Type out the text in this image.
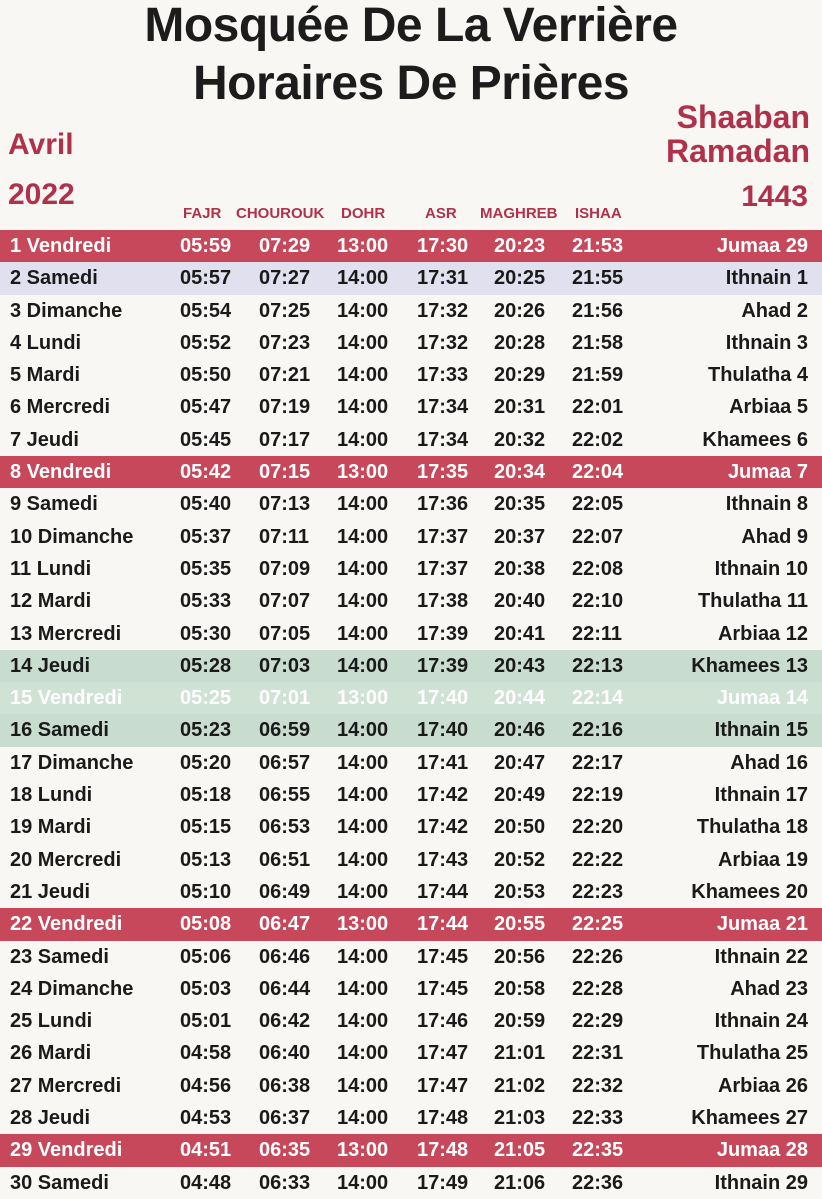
Mosquée De La Verrière
Horaires De Prières
Avril
2022
Shaaban
Ramadan
1443
FAJR CHOUROUK DOHR	ASR MAGHREB ISHAA
1 Vendredi	05:59 07:29 13:00 17:30 20:23 21:53	Jumaa 29
2 Samedi	05:57 07:27 14:00 17:31 20:25 21:55	Ithnain 1
3 Dimanche	05:54 07:25 14:00 17:32 20:26 21:56	Ahad 2
4 Lundi	05:52 07:23 14:00 17:32 20:28 21:58	Ithnain 3
5 Mardi	05:50 07:21 14:00 17:33 20:29 21:59	Thulatha 4
6 Mercredi	05:47 07:19 14:00 17:34 20:31 22:01	Arbiaa 5
7 Jeudi	05:45 07:17 14:00 17:34 20:32 22:02	Khamees 6
8 Vendredi	05:42 07:15 13:00 17:35 20:34 22:04	Jumaa 7
9 Samedi	05:40 07:13 14:00 17:36 20:35 22:05	Ithnain 8
10 Dimanche 05:37 07:11 14:00 17:37 20:37 22:07	Ahad 9
11 Lundi	05:35 07:09 14:00 17:37 20:38 22:08	Ithnain 10
12 Mardi	05:33 07:07 14:00 17:38 20:40 22:10	Thulatha 11
13 Mercredi	05:30 07:05 14:00 17:39 20:41 22:11	Arbiaa 12
14 Jeudi	05:28 07:03 14:00 17:39 20:43 22:13	Khamees 13
15 Vendredi	05:25 07:01 13:00 17:40 20:44 22:14	Jumaa 14
16 Samedi	05:23 06:59 14:00 17:40 20:46 22:16	Ithnain 15
17 Dimanche 05:20 06:57 14:00 17:41 20:47 22:17	Ahad 16
18 Lundi	05:18 06:55 14:00 17:42 20:49 22:19	Ithnain 17
19 Mardi	05:15 06:53 14:00 17:42 20:50 22:20	Thulatha 18
20 Mercredi	05:13 06:51 14:00 17:43 20:52 22:22	Arbiaa 19
21 Jeudi	05:10 06:49 14:00 17:44 20:53 22:23	Khamees 20
22 Vendredi	05:08 06:47 13:00 17:44 20:55 22:25	Jumaa 21
23 Samedi	05:06 06:46 14:00 17:45 20:56 22:26	Ithnain 22
24 Dimanche 05:03 06:44 14:00 17:45 20:58 22:28	Ahad 23
25 Lundi	05:01 06:42 14:00 17:46 20:59 22:29	Ithnain 24
26 Mardi	04:58 06:40 14:00 17:47 21:01 22:31	Thulatha 25
27 Mercredi	04:56 06:38 14:00 17:47 21:02 22:32	Arbiaa 26
28 Jeudi	04:53 06:37 14:00 17:48 21:03 22:33	Khamees 27
29 Vendredi	04:51 06:35 13:00 17:48 21:05 22:35	Jumaa 28
30 Samedi	04:48 06:33 14:00 17:49 21:06 22:36	Ithnain 29
